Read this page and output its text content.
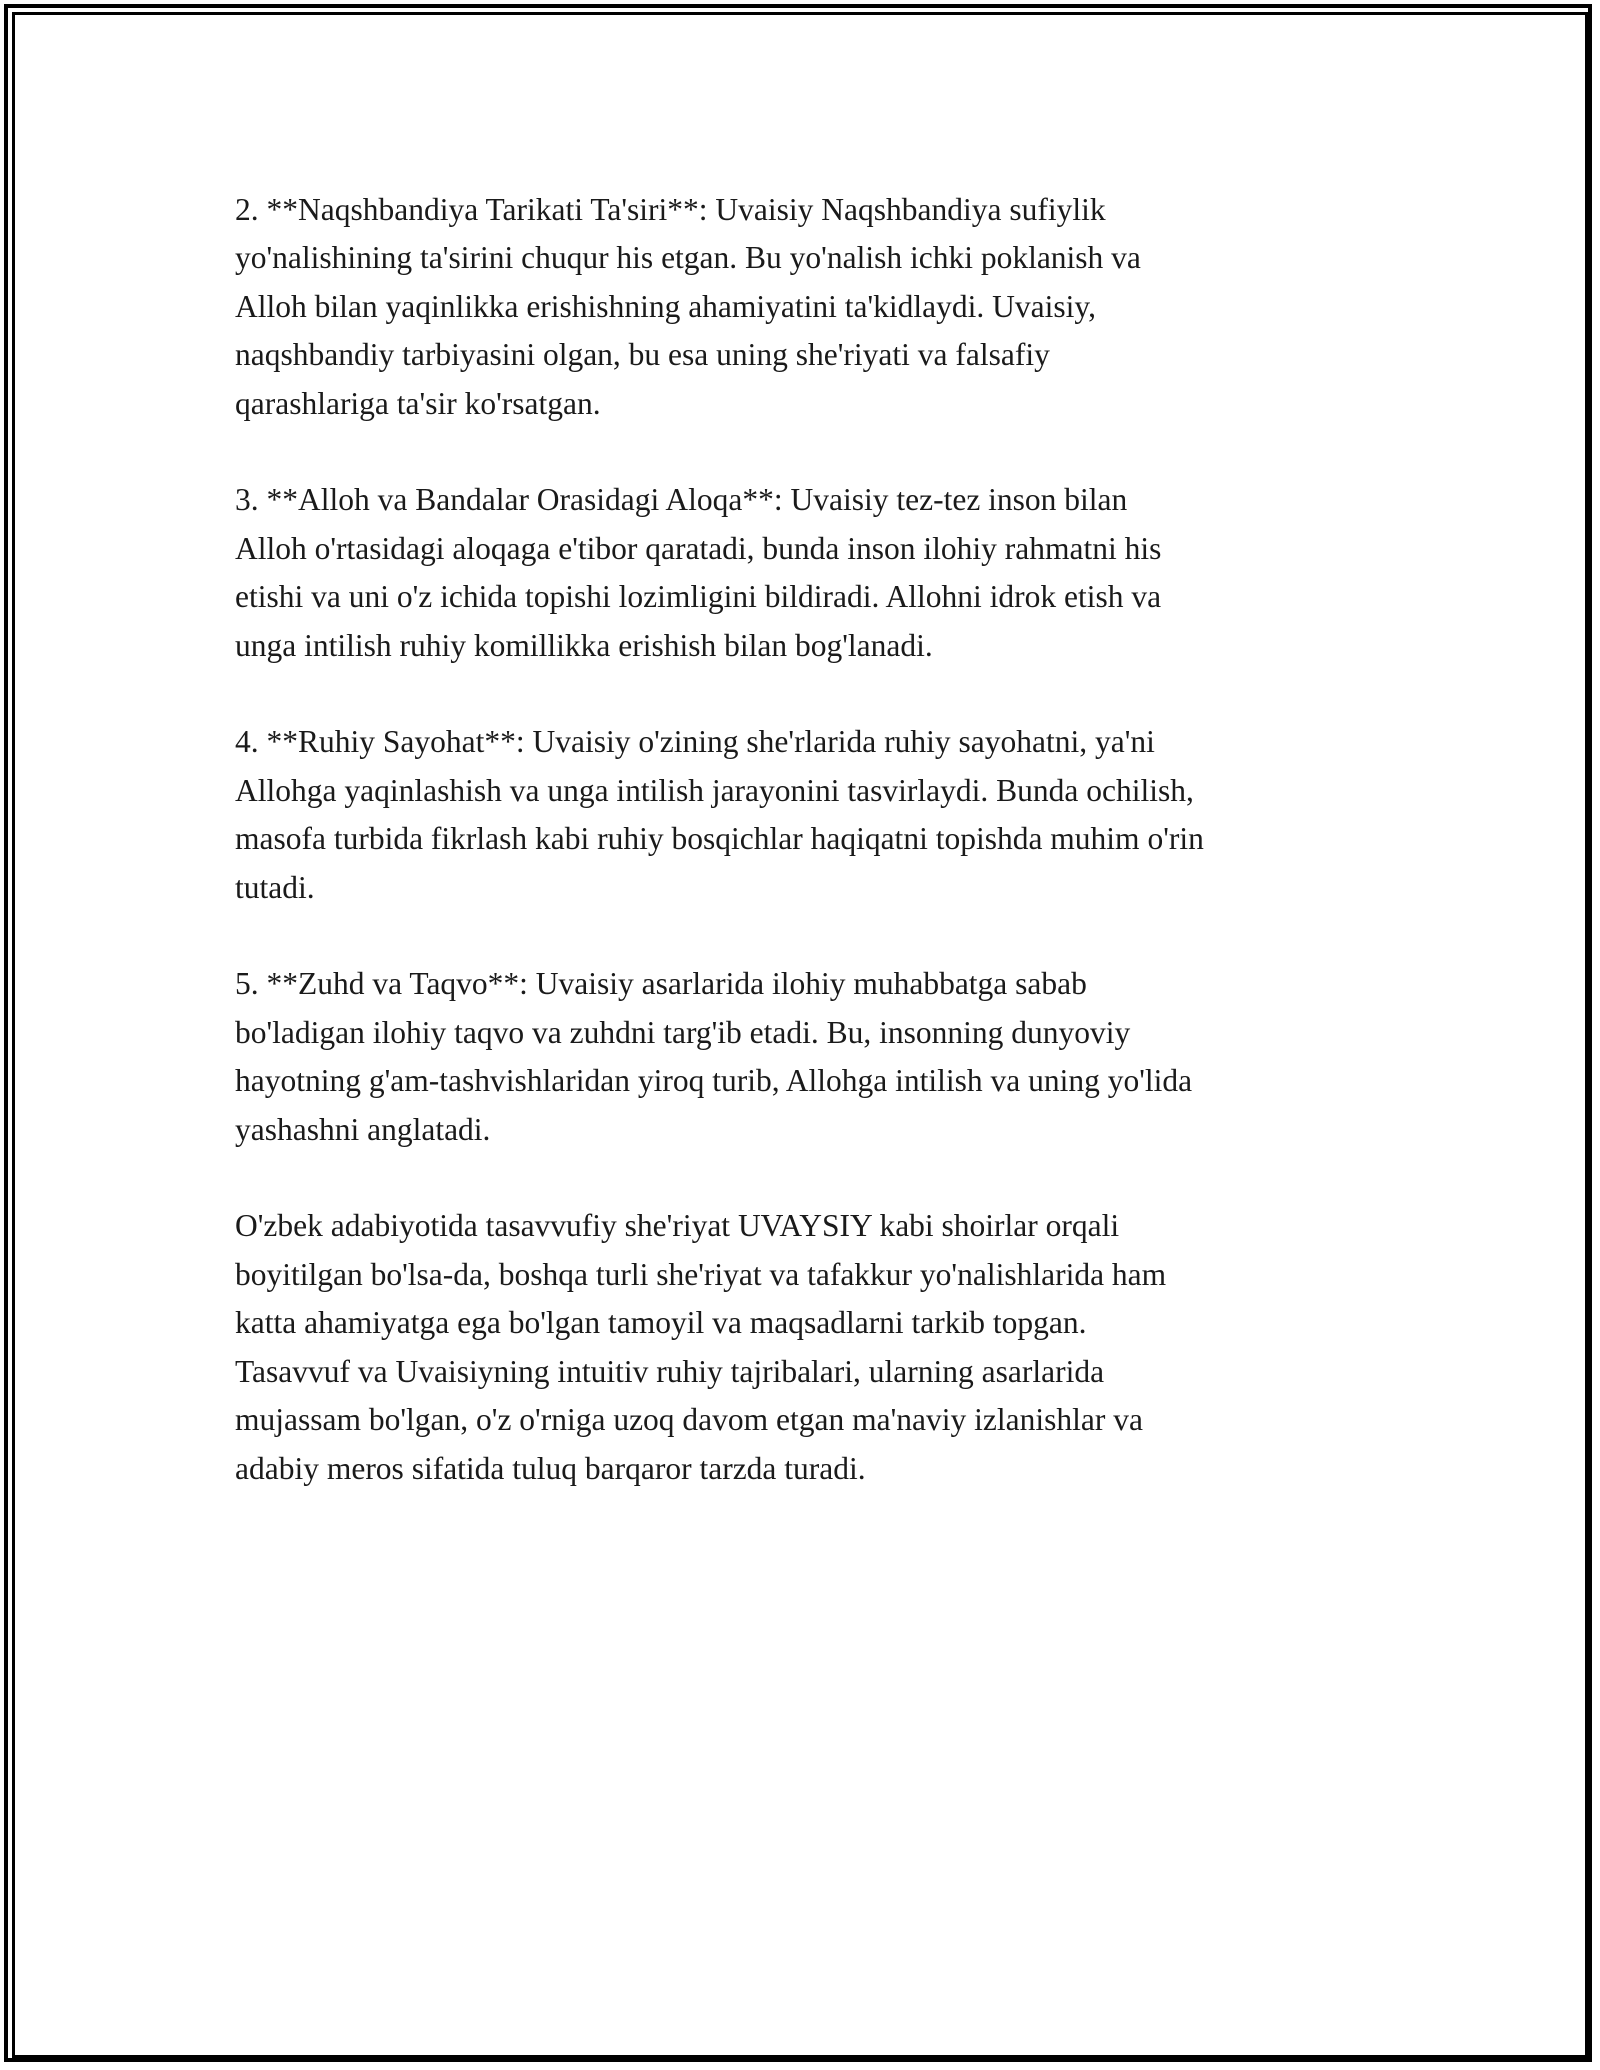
2. **Naqshbandiya Tarikati Ta'siri**: Uvaisiy Naqshbandiya sufiylik
yo'nalishining ta'sirini chuqur his etgan. Bu yo'nalish ichki poklanish va
Alloh bilan yaqinlikka erishishning ahamiyatini ta'kidlaydi. Uvaisiy,
naqshbandiy tarbiyasini olgan, bu esa uning she'riyati va falsafiy
qarashlariga ta'sir ko'rsatgan.

3. **Alloh va Bandalar Orasidagi Aloqa**: Uvaisiy tez-tez inson bilan
Alloh o'rtasidagi aloqaga e'tibor qaratadi, bunda inson ilohiy rahmatni his
etishi va uni o'z ichida topishi lozimligini bildiradi. Allohni idrok etish va
unga intilish ruhiy komillikka erishish bilan bog'lanadi.

4. **Ruhiy Sayohat**: Uvaisiy o'zining she'rlarida ruhiy sayohatni, ya'ni
Allohga yaqinlashish va unga intilish jarayonini tasvirlaydi. Bunda ochilish,
masofa turbida fikrlash kabi ruhiy bosqichlar haqiqatni topishda muhim o'rin
tutadi.

5. **Zuhd va Taqvo**: Uvaisiy asarlarida ilohiy muhabbatga sabab
bo'ladigan ilohiy taqvo va zuhdni targ'ib etadi. Bu, insonning dunyoviy
hayotning g'am-tashvishlaridan yiroq turib, Allohga intilish va uning yo'lida
yashashni anglatadi.

O'zbek adabiyotida tasavvufiy she'riyat UVAYSIY kabi shoirlar orqali
boyitilgan bo'lsa-da, boshqa turli she'riyat va tafakkur yo'nalishlarida ham
katta ahamiyatga ega bo'lgan tamoyil va maqsadlarni tarkib topgan.
Tasavvuf va Uvaisiyning intuitiv ruhiy tajribalari, ularning asarlarida
mujassam bo'lgan, o'z o'rniga uzoq davom etgan ma'naviy izlanishlar va
adabiy meros sifatida tuluq barqaror tarzda turadi.
